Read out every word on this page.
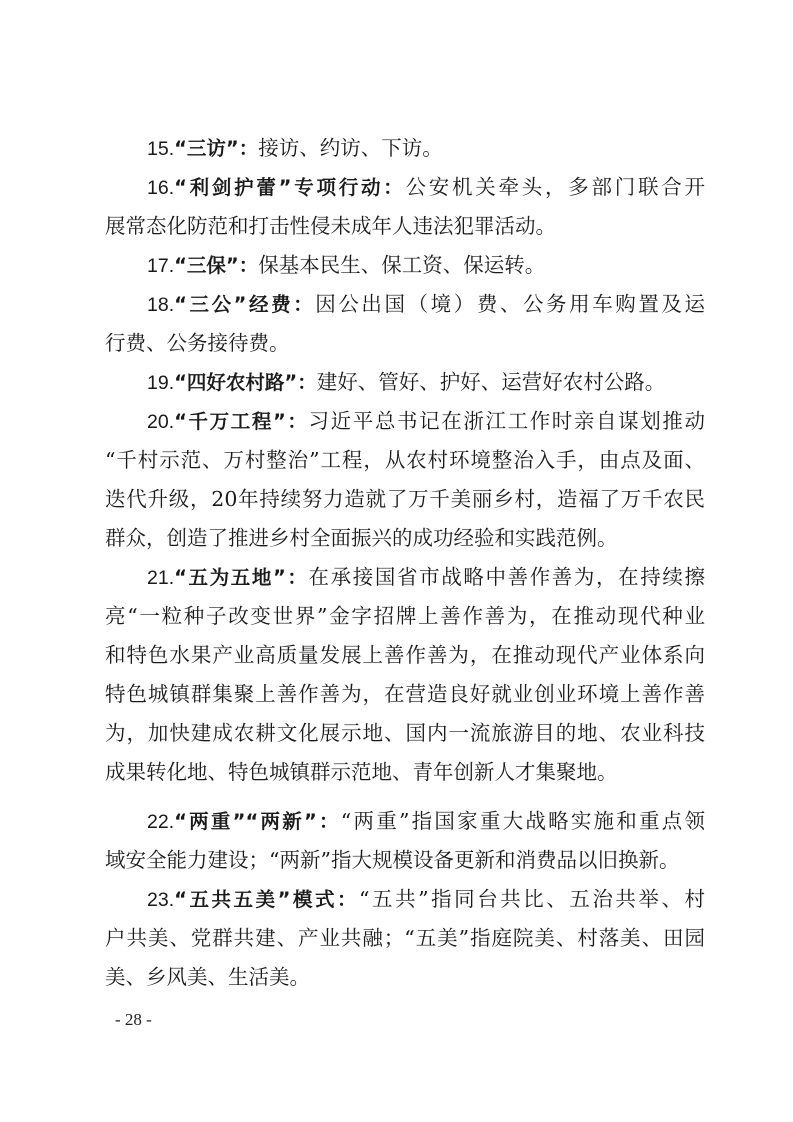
15.“三访”：接访、约访、下访。
16.“利剑护蕾”专项行动：公安机关牵头，多部门联合开
展常态化防范和打击性侵未成年人违法犯罪活动。
17.“三保”：保基本民生、保工资、保运转。
18.“三公”经费：因公出国（境）费、公务用车购置及运
行费、公务接待费。
19.“四好农村路”：建好、管好、护好、运营好农村公路。
20.“千万工程”：习近平总书记在浙江工作时亲自谋划推动
“千村示范、万村整治”工程，从农村环境整治入手，由点及面、
迭代升级，20年持续努力造就了万千美丽乡村，造福了万千农民
群众，创造了推进乡村全面振兴的成功经验和实践范例。
21.“五为五地”：在承接国省市战略中善作善为，在持续擦
亮“一粒种子改变世界”金字招牌上善作善为，在推动现代种业
和特色水果产业高质量发展上善作善为，在推动现代产业体系向
特色城镇群集聚上善作善为，在营造良好就业创业环境上善作善
为，加快建成农耕文化展示地、国内一流旅游目的地、农业科技
成果转化地、特色城镇群示范地、青年创新人才集聚地。
22.“两重”“两新”：“两重”指国家重大战略实施和重点领
域安全能力建设；“两新”指大规模设备更新和消费品以旧换新。
23.“五共五美”模式：“五共”指同台共比、五治共举、村
户共美、党群共建、产业共融；“五美”指庭院美、村落美、田园
美、乡风美、生活美。
- 28 -
